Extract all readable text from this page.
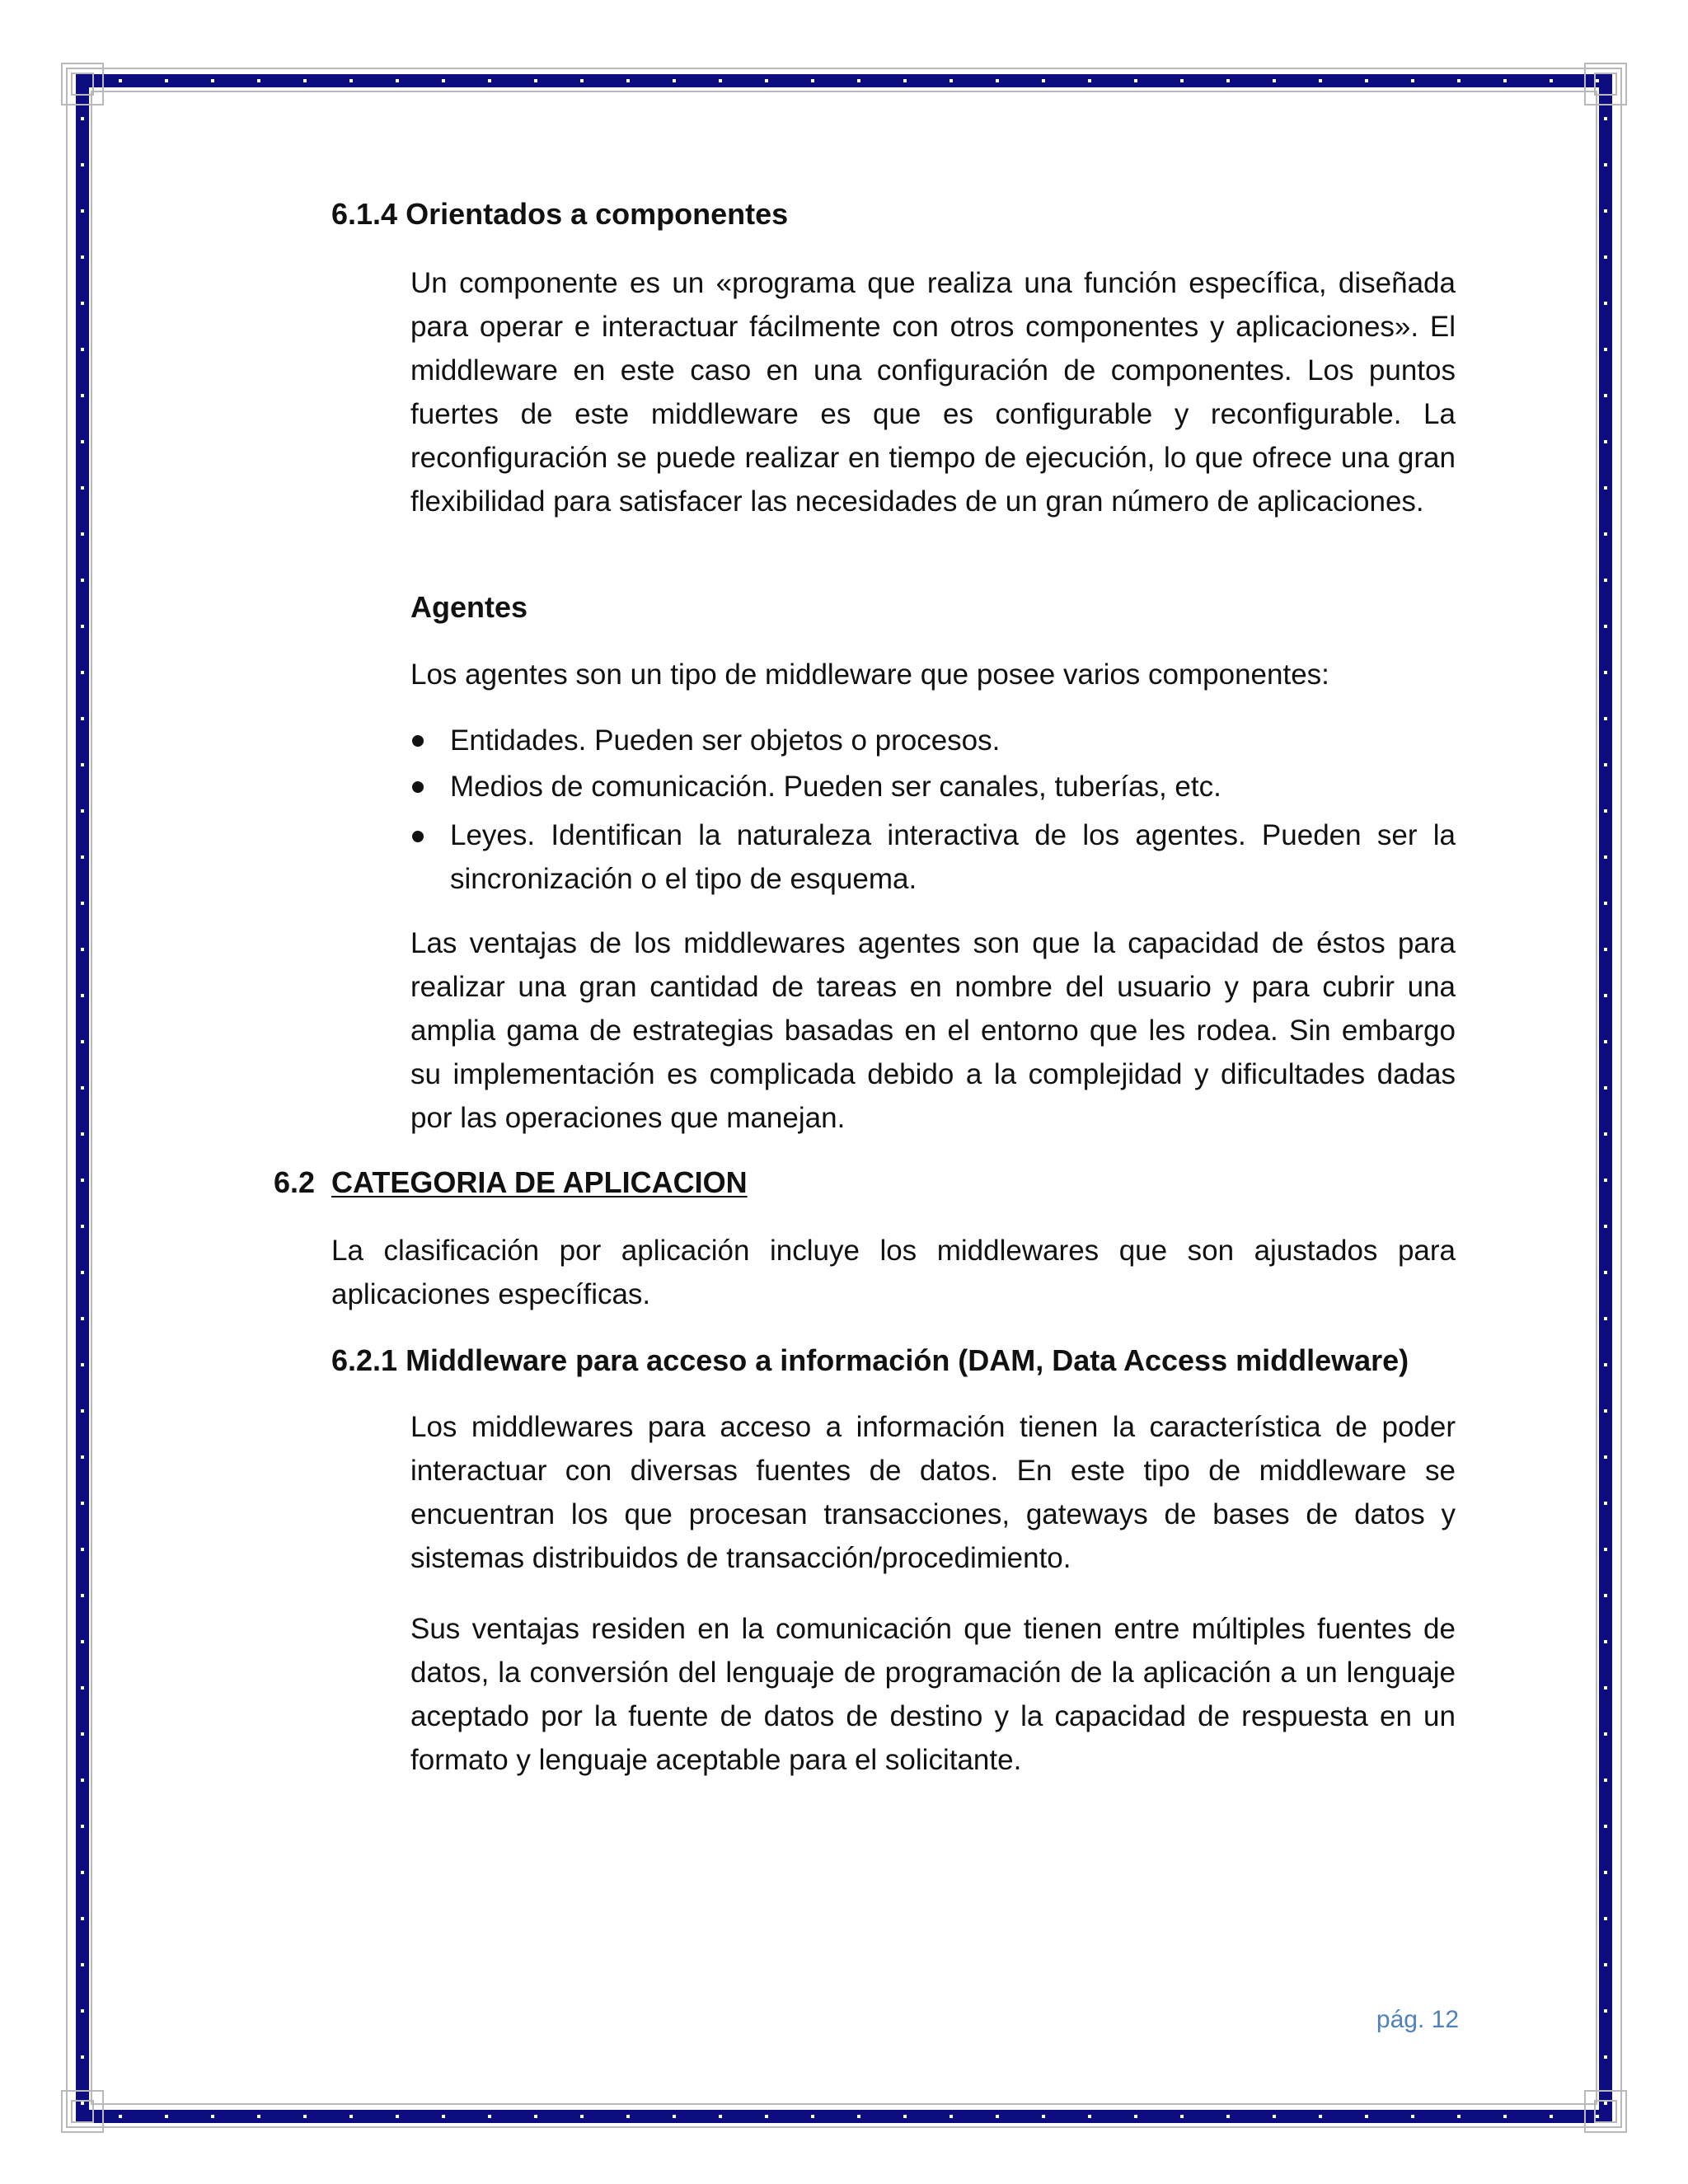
6.1.4 Orientados a componentes

Un componente es un «programa que realiza una función específica, diseñada para operar e interactuar fácilmente con otros componentes y aplicaciones». El middleware en este caso en una configuración de componentes. Los puntos fuertes de este middleware es que es configurable y reconfigurable. La reconfiguración se puede realizar en tiempo de ejecución, lo que ofrece una gran flexibilidad para satisfacer las necesidades de un gran número de aplicaciones.

Agentes

Los agentes son un tipo de middleware que posee varios componentes:

Entidades. Pueden ser objetos o procesos.
Medios de comunicación. Pueden ser canales, tuberías, etc.
Leyes. Identifican la naturaleza interactiva de los agentes. Pueden ser la sincronización o el tipo de esquema.

Las ventajas de los middlewares agentes son que la capacidad de éstos para realizar una gran cantidad de tareas en nombre del usuario y para cubrir una amplia gama de estrategias basadas en el entorno que les rodea. Sin embargo su implementación es complicada debido a la complejidad y dificultades dadas por las operaciones que manejan.

6.2 CATEGORIA DE APLICACION

La clasificación por aplicación incluye los middlewares que son ajustados para aplicaciones específicas.

6.2.1 Middleware para acceso a información (DAM, Data Access middleware)

Los middlewares para acceso a información tienen la característica de poder interactuar con diversas fuentes de datos. En este tipo de middleware se encuentran los que procesan transacciones, gateways de bases de datos y sistemas distribuidos de transacción/procedimiento.

Sus ventajas residen en la comunicación que tienen entre múltiples fuentes de datos, la conversión del lenguaje de programación de la aplicación a un lenguaje aceptado por la fuente de datos de destino y la capacidad de respuesta en un formato y lenguaje aceptable para el solicitante.

pág. 12
